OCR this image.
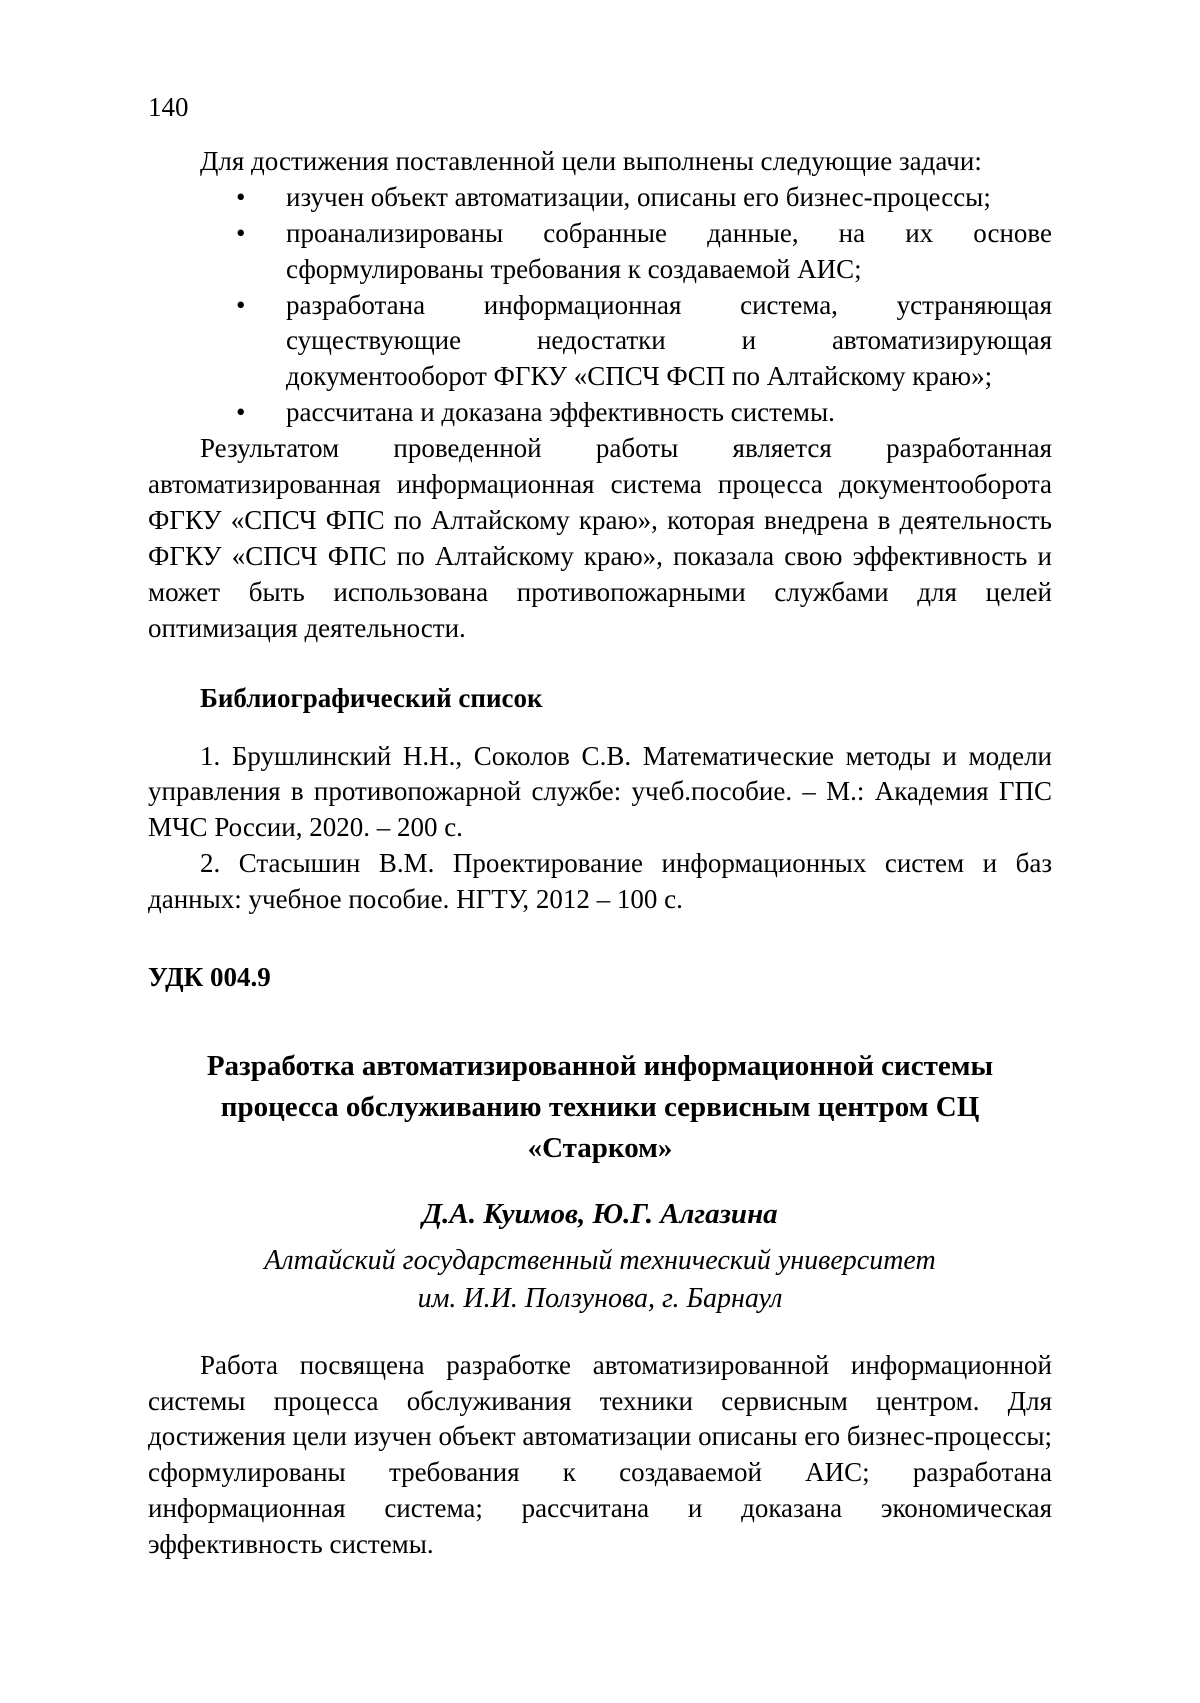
140

Для достижения поставленной цели выполнены следующие задачи:

• изучен объект автоматизации, описаны его бизнес-процессы;
• проанализированы собранные данные, на их основе сформулированы требования к создаваемой АИС;
• разработана информационная система, устраняющая существующие недостатки и автоматизирующая документооборот ФГКУ «СПСЧ ФСП по Алтайскому краю»;
• рассчитана и доказана эффективность системы.

Результатом проведенной работы является разработанная автоматизированная информационная система процесса документооборота ФГКУ «СПСЧ ФПС по Алтайскому краю», которая внедрена в деятельность ФГКУ «СПСЧ ФПС по Алтайскому краю», показала свою эффективность и может быть использована противопожарными службами для целей оптимизация деятельности.

Библиографический список

1. Брушлинский Н.Н., Соколов С.В. Математические методы и модели управления в противопожарной службе: учеб.пособие. – М.: Академия ГПС МЧС России, 2020. – 200 с.

2. Стасышин В.М. Проектирование информационных систем и баз данных: учебное пособие. НГТУ, 2012 – 100 с.

УДК 004.9

Разработка автоматизированной информационной системы процесса обслуживанию техники сервисным центром СЦ «Старком»

Д.А. Куимов, Ю.Г. Алгазина

Алтайский государственный технический университет
им. И.И. Ползунова, г. Барнаул

Работа посвящена разработке автоматизированной информационной системы процесса обслуживания техники сервисным центром. Для достижения цели изучен объект автоматизации описаны его бизнес-процессы; сформулированы требования к создаваемой АИС; разработана информационная система; рассчитана и доказана экономическая эффективность системы.
